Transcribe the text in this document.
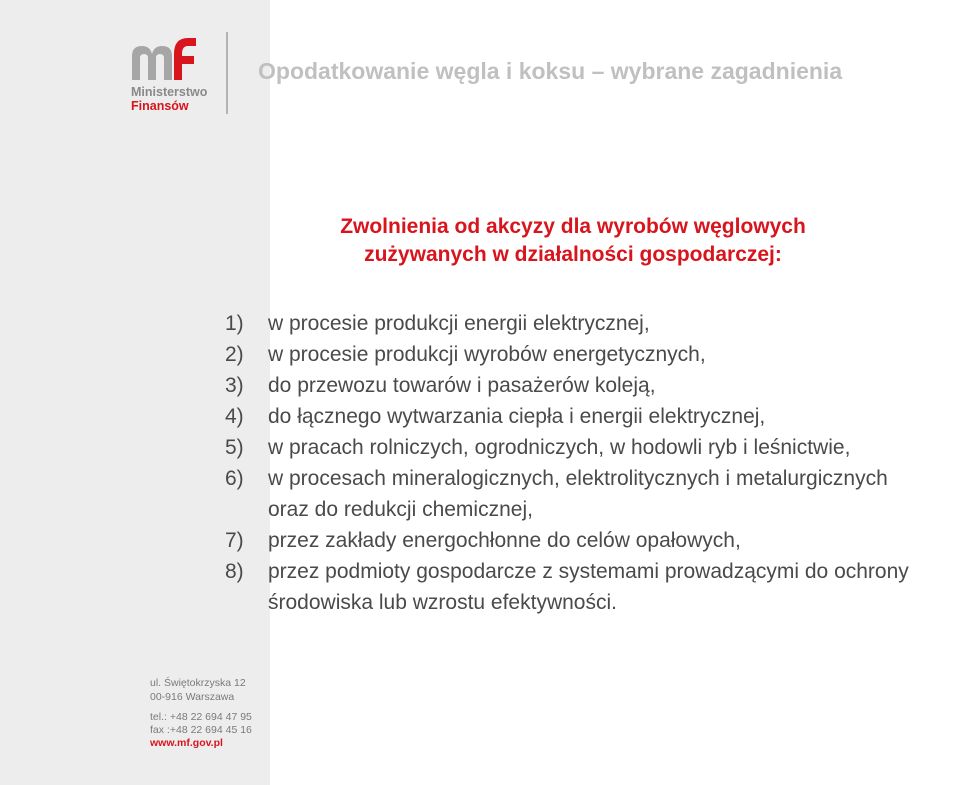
Ministerstwo
Finansów
ul. Świętokrzyska 12
00-916 Warszawa
tel.: +48 22 694 47 95
fax :+48 22 694 45 16
www.mf.gov.pl
Opodatkowanie węgla i koksu – wybrane zagadnienia
Zwolnienia od akcyzy dla wyrobów węglowych
zużywanych w działalności gospodarczej:
1)	w procesie produkcji energii elektrycznej,
2)	w procesie produkcji wyrobów energetycznych,
3)	do przewozu towarów i pasażerów koleją,
4)	do łącznego wytwarzania ciepła i energii elektrycznej,
5)	w pracach rolniczych, ogrodniczych, w hodowli ryb i leśnictwie,
6)	w procesach mineralogicznych, elektrolitycznych i metalurgicznych oraz do redukcji chemicznej,
7)	przez zakłady energochłonne do celów opałowych,
8)	przez podmioty gospodarcze z systemami prowadzącymi do ochrony środowiska lub wzrostu efektywności.
